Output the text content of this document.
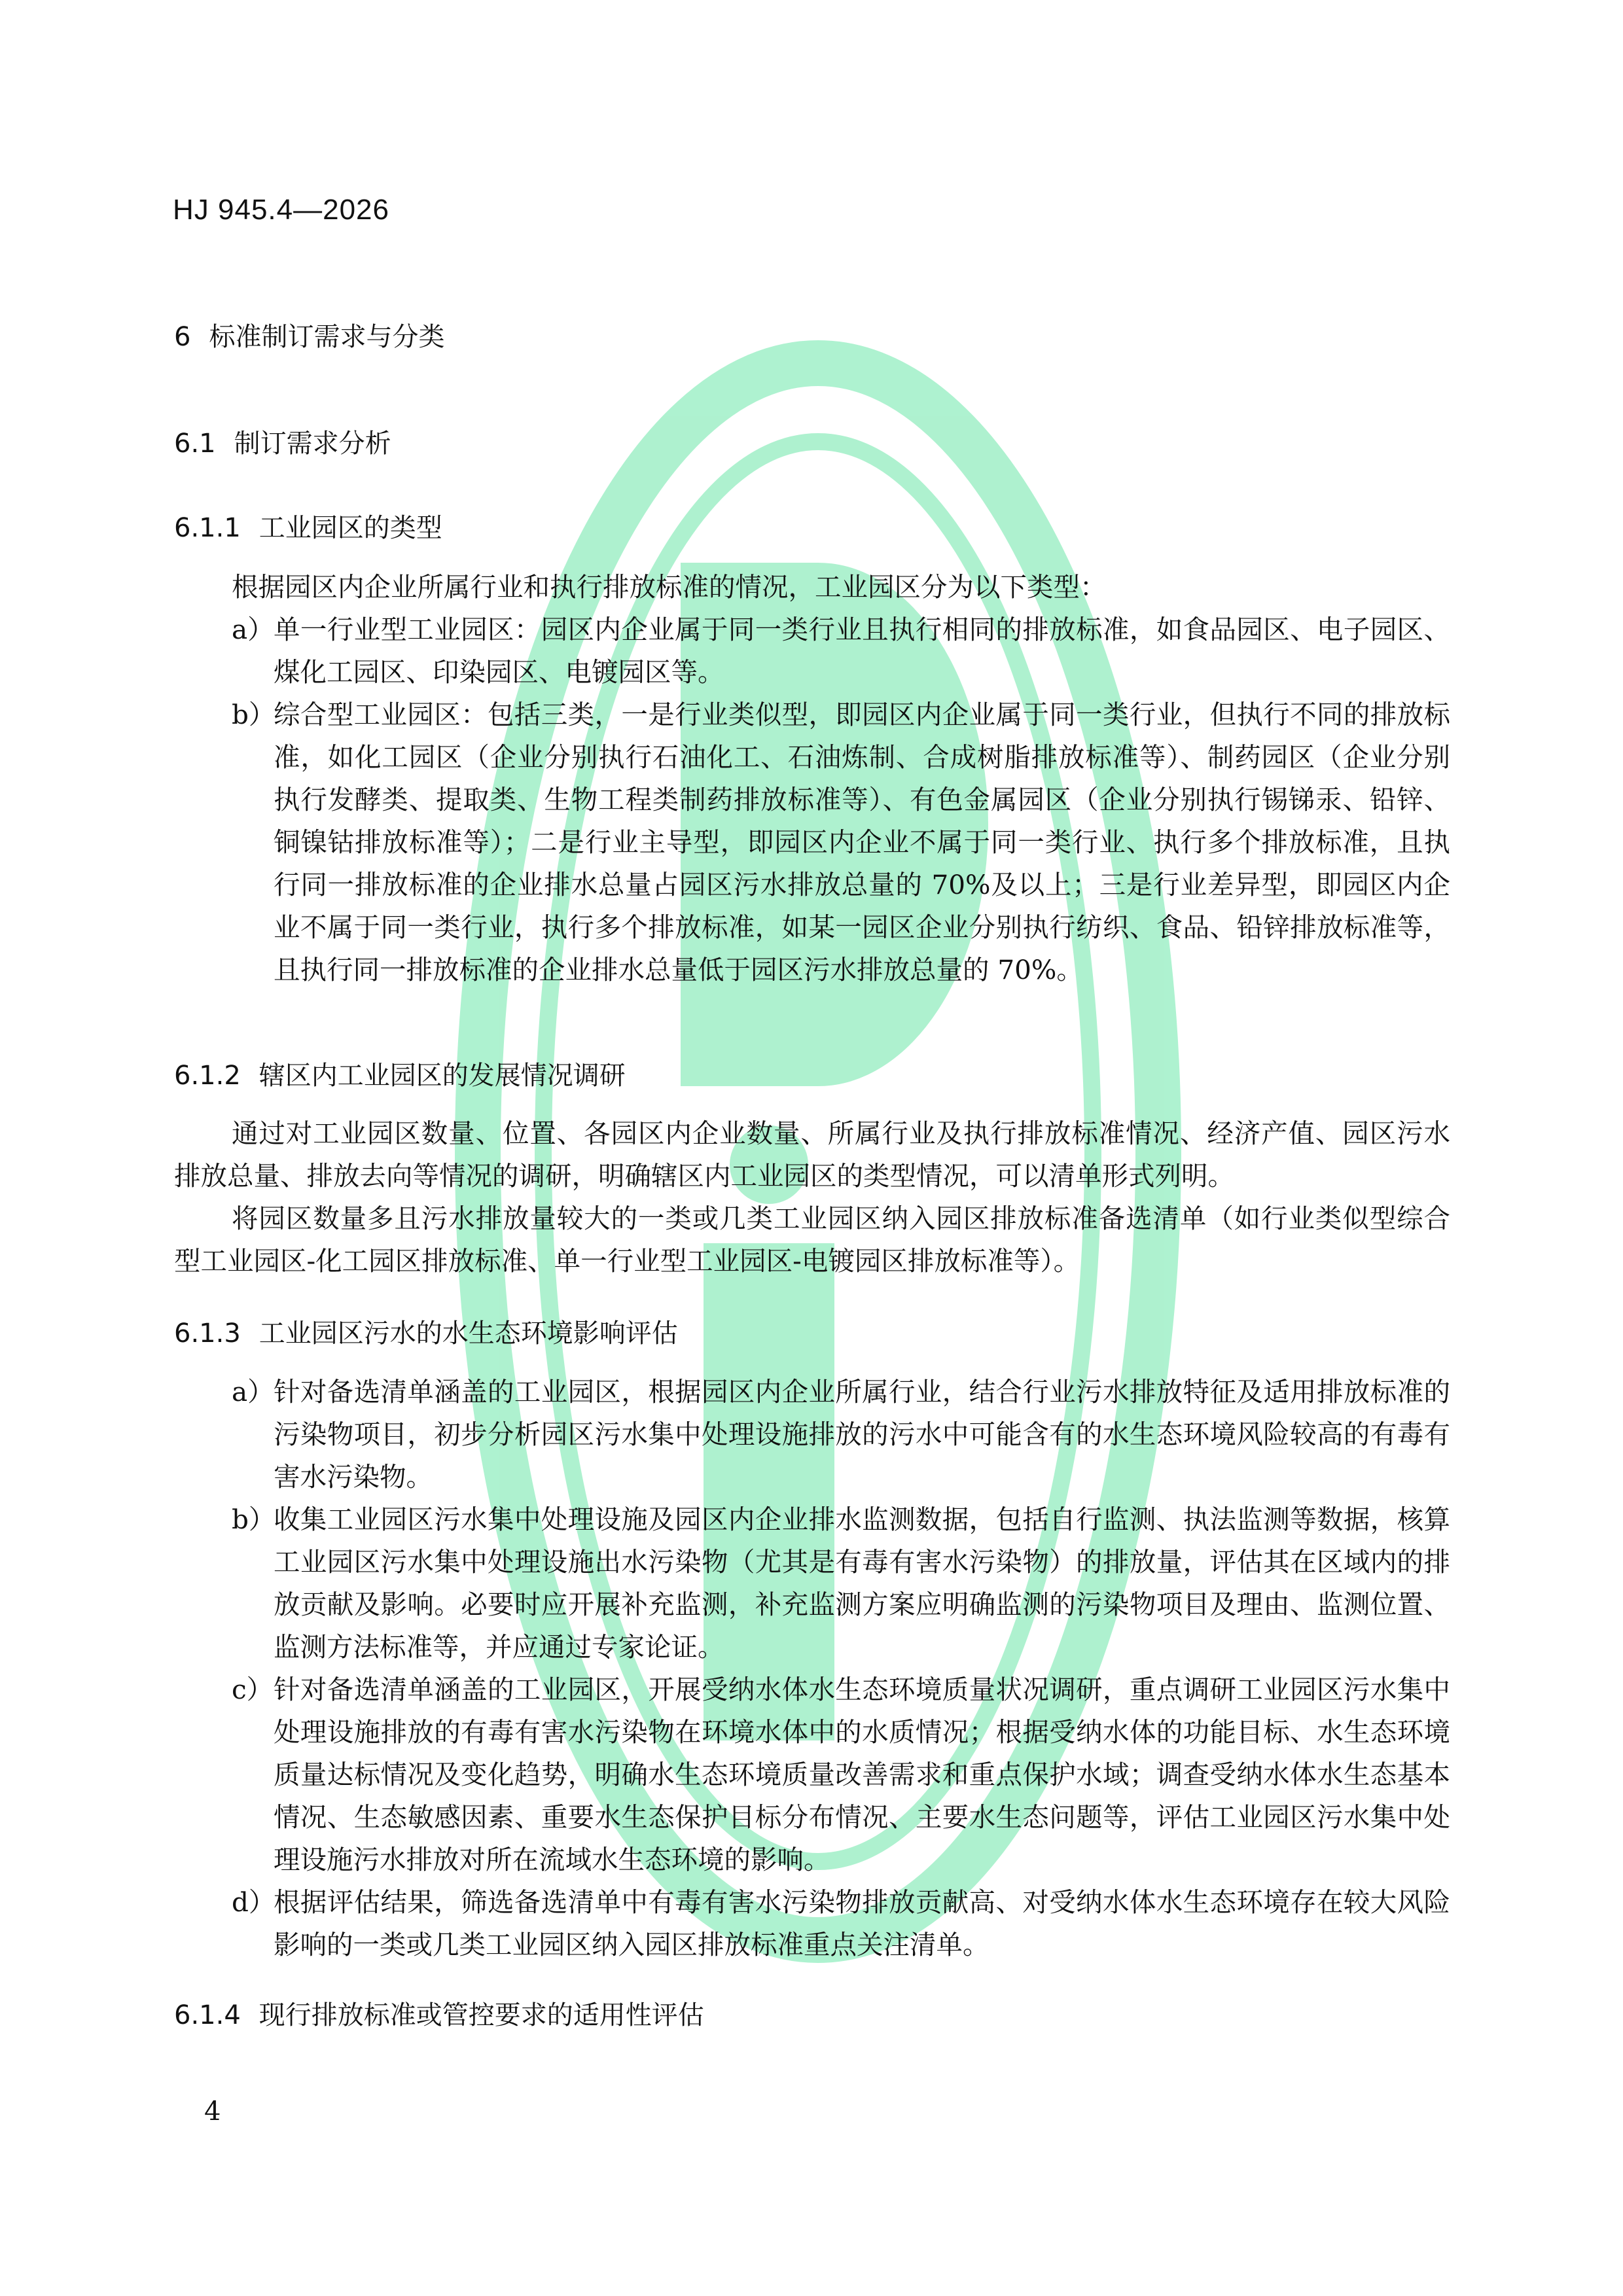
HJ 945.4—2026
6 标准制订需求与分类
6.1 制订需求分析
6.1.1 工业园区的类型
根据园区内企业所属行业和执行排放标准的情况，工业园区分为以下类型：
a） 单一行业型工业园区：园区内企业属于同一类行业且执行相同的排放标准，如食品园区、电子园区、煤化工园区、印染园区、电镀园区等。
b）
综合型工业园区：包括三类，一是行业类似型，即园区内企业属于同一类行业，但执行不同的排放标准，如化工园区（企业分别执行石油化工、石油炼制、合成树脂排放标准等）、制药园区（企业分别执行发酵类、提取类、生物工程类制药排放标准等）、有色金属园区（企业分别执行锡锑汞、铅锌、铜镍钴排放标准等）；二是行业主导型，即园区内企业不属于同一类行业、执行多个排放标准，且执行同一排放标准的企业排水总量占园区污水排放总量的 70%及以上；三是行业差异型，即园区内企业不属于同一类行业，执行多个排放标准，如某一园区企业分别执行纺织、食品、铅锌排放标准等，且执行同一排放标准的企业排水总量低于园区污水排放总量的 70%。
6.1.2 辖区内工业园区的发展情况调研
通过对工业园区数量、位置、各园区内企业数量、所属行业及执行排放标准情况、经济产值、园区污水排放总量、排放去向等情况的调研，明确辖区内工业园区的类型情况，可以清单形式列明。
将园区数量多且污水排放量较大的一类或几类工业园区纳入园区排放标准备选清单（如行业类似型综合型工业园区-化工园区排放标准、单一行业型工业园区-电镀园区排放标准等）。
6.1.3 工业园区污水的水生态环境影响评估
a） 针对备选清单涵盖的工业园区，根据园区内企业所属行业，结合行业污水排放特征及适用排放标准的污染物项目，初步分析园区污水集中处理设施排放的污水中可能含有的水生态环境风险较高的有毒有害水污染物。
b）
收集工业园区污水集中处理设施及园区内企业排水监测数据，包括自行监测、执法监测等数据，核算工业园区污水集中处理设施出水污染物（尤其是有毒有害水污染物）的排放量，评估其在区域内的排放贡献及影响。必要时应开展补充监测，补充监测方案应明确监测的污染物项目及理由、监测位置、监测方法标准等，并应通过专家论证。
c） 针对备选清单涵盖的工业园区，开展受纳水体水生态环境质量状况调研，重点调研工业园区污水集中处理设施排放的有毒有害水污染物在环境水体中的水质情况；根据受纳水体的功能目标、水生态环境质量达标情况及变化趋势，明确水生态环境质量改善需求和重点保护水域；调查受纳水体水生态基本情况、生态敏感因素、重要水生态保护目标分布情况、主要水生态问题等，评估工业园区污水集中处理设施污水排放对所在流域水生态环境的影响。
d）
根据评估结果，筛选备选清单中有毒有害水污染物排放贡献高、对受纳水体水生态环境存在较大风险影响的一类或几类工业园区纳入园区排放标准重点关注清单。
6.1.4 现行排放标准或管控要求的适用性评估
4
